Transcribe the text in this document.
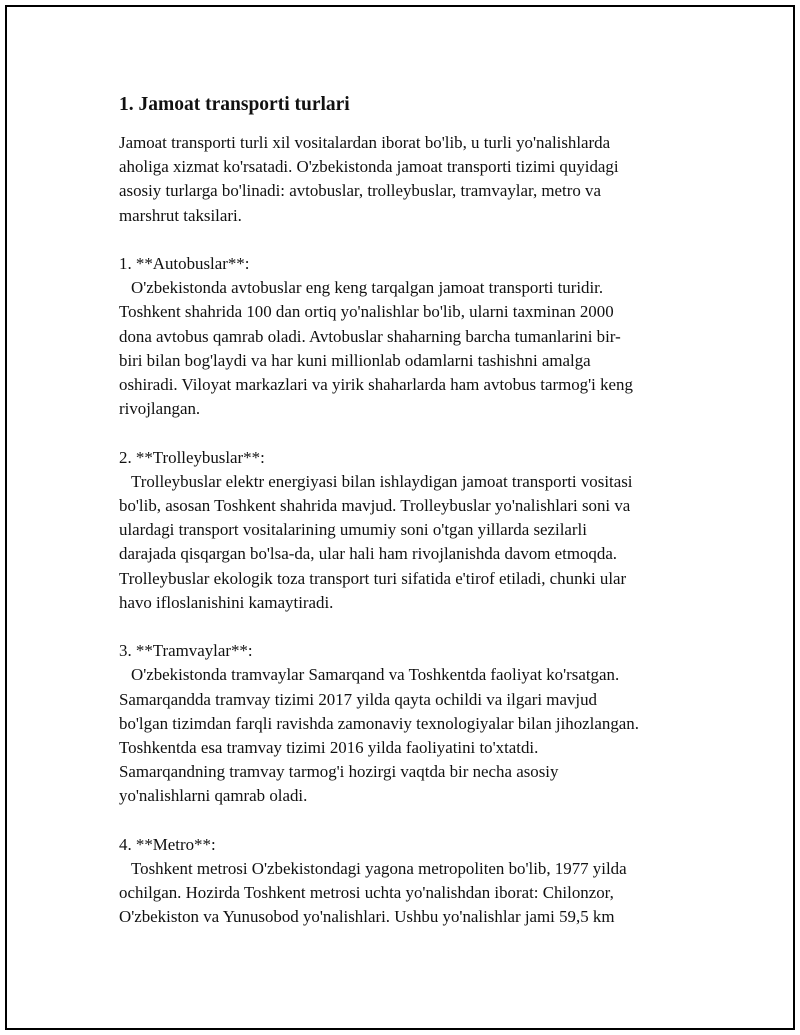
1. Jamoat transporti turlari
Jamoat transporti turli xil vositalardan iborat bo'lib, u turli yo'nalishlarda
aholiga xizmat ko'rsatadi. O'zbekistonda jamoat transporti tizimi quyidagi
asosiy turlarga bo'linadi: avtobuslar, trolleybuslar, tramvaylar, metro va
marshrut taksilari.
1. **Autobuslar**:
O'zbekistonda avtobuslar eng keng tarqalgan jamoat transporti turidir.
Toshkent shahrida 100 dan ortiq yo'nalishlar bo'lib, ularni taxminan 2000
dona avtobus qamrab oladi. Avtobuslar shaharning barcha tumanlarini bir-
biri bilan bog'laydi va har kuni millionlab odamlarni tashishni amalga
oshiradi. Viloyat markazlari va yirik shaharlarda ham avtobus tarmog'i keng
rivojlangan.
2. **Trolleybuslar**:
Trolleybuslar elektr energiyasi bilan ishlaydigan jamoat transporti vositasi
bo'lib, asosan Toshkent shahrida mavjud. Trolleybuslar yo'nalishlari soni va
ulardagi transport vositalarining umumiy soni o'tgan yillarda sezilarli
darajada qisqargan bo'lsa-da, ular hali ham rivojlanishda davom etmoqda.
Trolleybuslar ekologik toza transport turi sifatida e'tirof etiladi, chunki ular
havo ifloslanishini kamaytiradi.
3. **Tramvaylar**:
O'zbekistonda tramvaylar Samarqand va Toshkentda faoliyat ko'rsatgan.
Samarqandda tramvay tizimi 2017 yilda qayta ochildi va ilgari mavjud
bo'lgan tizimdan farqli ravishda zamonaviy texnologiyalar bilan jihozlangan.
Toshkentda esa tramvay tizimi 2016 yilda faoliyatini to'xtatdi.
Samarqandning tramvay tarmog'i hozirgi vaqtda bir necha asosiy
yo'nalishlarni qamrab oladi.
4. **Metro**:
Toshkent metrosi O'zbekistondagi yagona metropoliten bo'lib, 1977 yilda
ochilgan. Hozirda Toshkent metrosi uchta yo'nalishdan iborat: Chilonzor,
O'zbekiston va Yunusobod yo'nalishlari. Ushbu yo'nalishlar jami 59,5 km
